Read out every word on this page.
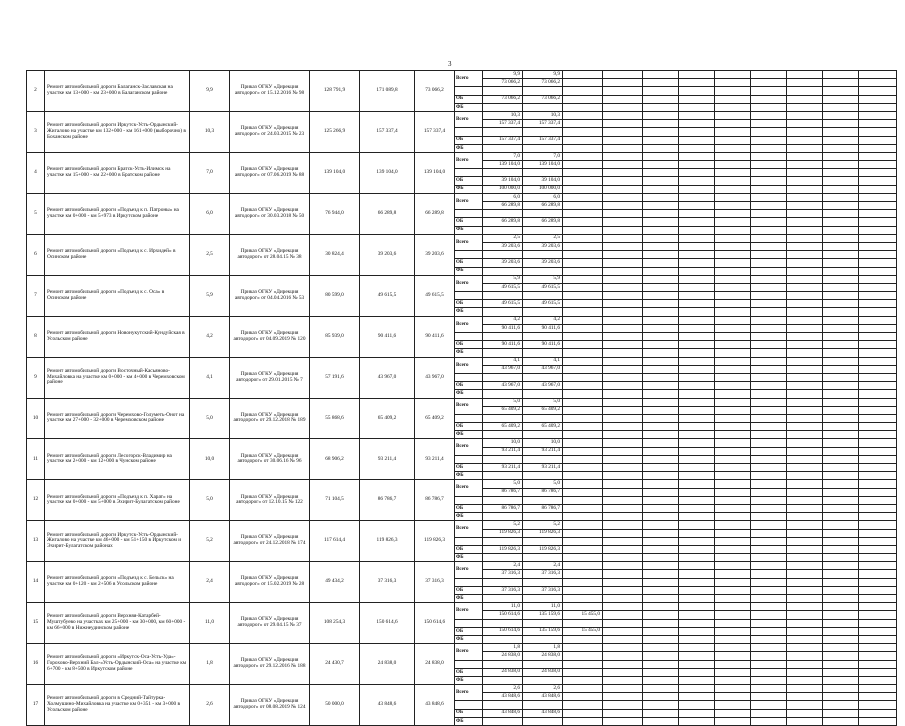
3
2	Ремонт автомобильной дороги Балаганск-Заславская на участке км 13+000 - км 23+000 в Балаганском районе	9,9	Приказ ОГКУ «Дирекция автодорог» от 15.12.2016 № 98	128 791,9	171 089,8	73 066,2	Всего	9,9	9,9									
								73 066,2	73 066,2									

							ОБ	73 066,2	73 066,2									
							ФБ											
3	Ремонт автомобильной дороги Иркутск-Усть-Ордынский-Жигалово на участке км 132+000 - км 161+000 (выборочно) в Боханском районе	10,3	Приказ ОГКУ «Дирекция автодорог» от 24.03.2015 № 23	125 266,9	157 337,4	157 337,4	Всего	10,3	10,3									
								157 337,4	157 337,4									

							ОБ	157 337,4	157 337,4									
							ФБ											
4	Ремонт автомобильной дороги Братск-Усть-Илимск на участке км 15+000 - км 22+000 в Братском районе	7,0	Приказ ОГКУ «Дирекция автодорог» от 07.06.2019 № 88	139 104,0	139 104,0	139 104,0	Всего	7,0	7,0									
								139 104,0	139 104,0									

							ОБ	39 104,0	39 104,0									
							ФБ	100 000,0	100 000,0									
5	Ремонт автомобильной дороги «Подъезд к п. Патроны» на участке км 0+000 - км 5+973 в Иркутском районе	6,0	Приказ ОГКУ «Дирекция автодорог» от 30.03.2018 № 50	76 944,0	66 289,8	66 289,8	Всего	6,0	6,0									
								66 289,8	66 289,8									

							ОБ	66 289,8	66 289,8									
							ФБ											
6	Ремонт автомобильной дороги «Подъезд к с. Ирхидей» в Осинском районе	2,5	Приказ ОГКУ «Дирекция автодорог» от 28.04.15 № 38	30 824,4	39 203,6	39 203,6	Всего	2,5	2,5									
								39 203,6	39 203,6									

							ОБ	39 203,6	39 203,6									
							ФБ											
7	Ремонт автомобильной дороги «Подъезд к с. Оса» в Осинском районе	5,9	Приказ ОГКУ «Дирекция автодорог» от 04.04.2016 № 53	80 599,0	49 615,5	49 615,5	Всего	5,9	5,9									
								49 615,5	49 615,5									

							ОБ	49 615,5	49 615,5									
							ФБ											
8	Ремонт автомобильной дороги Новонукутский-Кундуйская в Усольском районе	4,2	Приказ ОГКУ «Дирекция автодорог» от 04.09.2019 № 120	85 939,0	90 411,6	90 411,6	Всего	4,2	4,2									
								90 411,6	90 411,6									

							ОБ	90 411,6	90 411,6									
							ФБ											
9	Ремонт автомобильной дороги Восточный-Касьяново-Михайловка на участке км 0+000 - км 4+000 в Черемховском районе	4,1	Приказ ОГКУ «Дирекция автодорог» от 29.01.2015 № 7	57 191,6	43 967,0	43 967,0	Всего	4,1	4,1									
								43 967,0	43 967,0									

							ОБ	43 967,0	43 967,0									
							ФБ											
10	Ремонт автомобильной дороги Черемхово-Голуметь-Онот на участке км 27+000 - 32+000 в Черемховском районе	5,0	Приказ ОГКУ «Дирекция автодорог» от 29.12.2018 № 189	55 868,6	65 409,2	65 409,2	Всего	5,0	5,0									
								65 409,2	65 409,2									

							ОБ	65 409,2	65 409,2									
							ФБ											
11	Ремонт автомобильной дороги Лесогорск-Владимир на участке км 2+000 - км 12+000 в Чунском районе	10,0	Приказ ОГКУ «Дирекция автодорог» от 30.06.16 № 96	68 906,2	93 211,4	93 211,4	Всего	10,0	10,0									
								93 211,4	93 211,4									

							ОБ	93 211,4	93 211,4									
							ФБ											
12	Ремонт автомобильной дороги «Подъезд к п. Харат» на участке км 0+000 - км 5+000 в Эхирит-Булагатском районе	5,0	Приказ ОГКУ «Дирекция автодорог» от 12.10.15 № 122	71 104,5	86 786,7	86 786,7	Всего	5,0	5,0									
								86 786,7	86 786,7									

							ОБ	86 786,7	86 786,7									
							ФБ											
13	Ремонт автомобильной дороги Иркутск-Усть-Ордынский-Жигалово на участке км 46+000 - км 51+150 в Иркутском и Эхирит-Булагатском районах	5,2	Приказ ОГКУ «Дирекция автодорог» от 24.12.2018 № 174	117 614,4	119 826,3	119 826,3	Всего	5,2	5,2									
								119 826,3	119 826,3									

							ОБ	119 826,3	119 826,3									
							ФБ											
14	Ремонт автомобильной дороги «Подъезд к с. Бельск» на участке км 0+120 - км 2+506 в Усольском районе	2,4	Приказ ОГКУ «Дирекция автодорог» от 15.02.2019 № 28	49 434,2	37 316,3	37 316,3	Всего	2,4	2,4									
								37 316,3	37 316,3									

							ОБ	37 316,3	37 316,3									
							ФБ											
15	Ремонт автомобильной дороги Верхняя-Катарбей-Муштубуево на участках км 25+000 - км 30+000, км 60+000 - км 66+000 в Нижнеудинском районе	11,0	Приказ ОГКУ «Дирекция автодорог» от 29.04.15 № 37	108 254,3	150 614,6	150 614,6	Всего	11,0	11,0									
								150 614,6	135 159,6	15 455,0								

							ОБ	150 614,6	135 159,6	15 455,0								
							ФБ											
16	Ремонт автомобильной дороги «Иркутск-Оса-Усть-Уда»-Горохово-Верхний Бал-«Усть-Ордынский-Оса» на участке км 6+700 - км 8+500 в Иркутском районе	1,8	Приказ ОГКУ «Дирекция автодорог» от 29.12.2016 № 188	24 430,7	24 838,0	24 838,0	Всего	1,8	1,8									
								24 838,0	24 838,0									

							ОБ	24 838,0	24 838,0									
							ФБ											
17	Ремонт автомобильной дороги в Средний-Тайтурка-Холмушино-Михайловка на участке км 0+351 - км 3+000 в Усольском районе	2,6	Приказ ОГКУ «Дирекция автодорог» от 08.08.2019 № 124	50 000,0	43 848,6	43 848,6	Всего	2,6	2,6									
								43 848,6	43 848,6									

							ОБ	43 848,6	43 848,6									
							ФБ											
